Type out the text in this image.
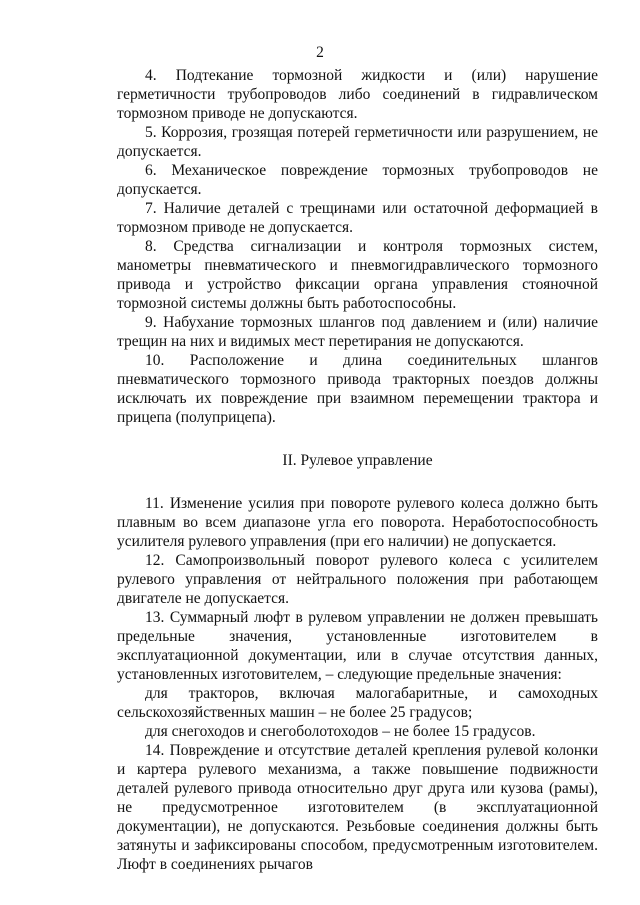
2

4. Подтекание тормозной жидкости и (или) нарушение герметичности трубопроводов либо соединений в гидравлическом тормозном приводе не допускаются.

5. Коррозия, грозящая потерей герметичности или разрушением, не допускается.

6. Механическое повреждение тормозных трубопроводов не допускается.

7. Наличие деталей с трещинами или остаточной деформацией в тормозном приводе не допускается.

8. Средства сигнализации и контроля тормозных систем, манометры пневматического и пневмогидравлического тормозного привода и устройство фиксации органа управления стояночной тормозной системы должны быть работоспособны.

9. Набухание тормозных шлангов под давлением и (или) наличие трещин на них и видимых мест перетирания не допускаются.

10. Расположение и длина соединительных шлангов пневматического тормозного привода тракторных поездов должны исключать их повреждение при взаимном перемещении трактора и прицепа (полуприцепа).

II. Рулевое управление

11. Изменение усилия при повороте рулевого колеса должно быть плавным во всем диапазоне угла его поворота. Неработоспособность усилителя рулевого управления (при его наличии) не допускается.

12. Самопроизвольный поворот рулевого колеса с усилителем рулевого управления от нейтрального положения при работающем двигателе не допускается.

13. Суммарный люфт в рулевом управлении не должен превышать предельные значения, установленные изготовителем в эксплуатационной документации, или в случае отсутствия данных, установленных изготовителем, – следующие предельные значения:

для тракторов, включая малогабаритные, и самоходных сельскохозяйственных машин – не более 25 градусов;

для снегоходов и снегоболотоходов – не более 15 градусов.

14. Повреждение и отсутствие деталей крепления рулевой колонки и картера рулевого механизма, а также повышение подвижности деталей рулевого привода относительно друг друга или кузова (рамы), не предусмотренное изготовителем (в эксплуатационной документации), не допускаются. Резьбовые соединения должны быть затянуты и зафиксированы способом, предусмотренным изготовителем. Люфт в соединениях рычагов
